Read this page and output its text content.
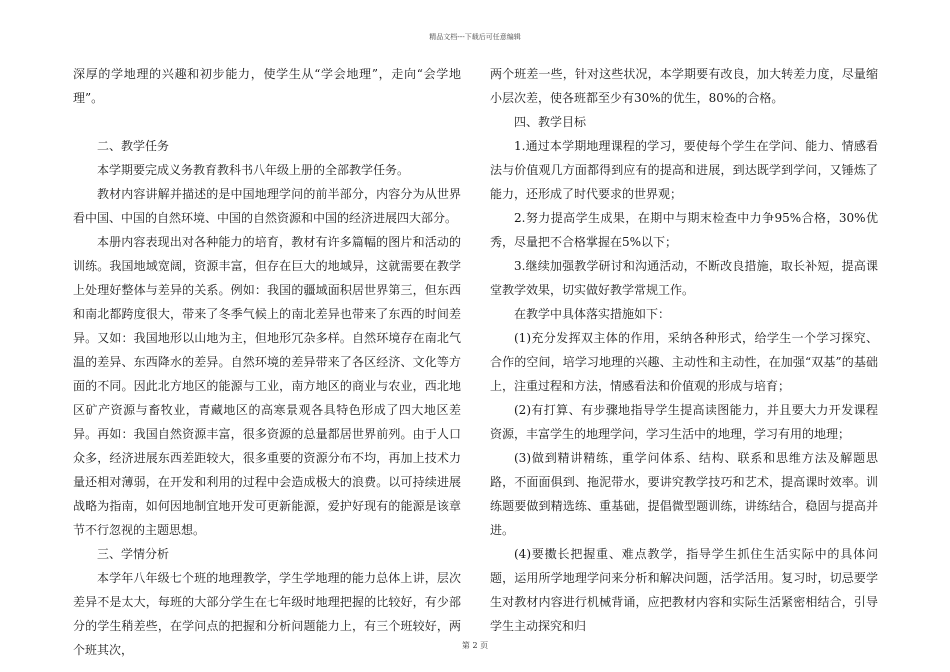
精品文档---下载后可任意编辑

深厚的学地理的兴趣和初步能力，使学生从“学会地理”，走向“会学地理”。

二、教学任务

本学期要完成义务教育教科书八年级上册的全部教学任务。

教材内容讲解并描述的是中国地理学问的前半部分，内容分为从世界看中国、中国的自然环境、中国的自然资源和中国的经济进展四大部分。

本册内容表现出对各种能力的培育，教材有许多篇幅的图片和活动的训练。我国地域宽阔，资源丰富，但存在巨大的地域异，这就需要在教学上处理好整体与差异的关系。例如：我国的疆域面积居世界第三，但东西和南北都跨度很大，带来了冬季气候上的南北差异也带来了东西的时间差异。又如：我国地形以山地为主，但地形冗杂多样。自然环境存在南北气温的差异、东西降水的差异。自然环境的差异带来了各区经济、文化等方面的不同。因此北方地区的能源与工业，南方地区的商业与农业，西北地区矿产资源与畜牧业，青藏地区的高寒景观各具特色形成了四大地区差异。再如：我国自然资源丰富，很多资源的总量都居世界前列。由于人口众多，经济进展东西差距较大，很多重要的资源分布不均，再加上技术力量还相对薄弱，在开发和利用的过程中会造成极大的浪费。以可持续进展战略为指南，如何因地制宜地开发可更新能源，爱护好现有的能源是该章节不行忽视的主题思想。

三、学情分析

本学年八年级七个班的地理教学，学生学地理的能力总体上讲，层次差异不是太大，每班的大部分学生在七年级时地理把握的比较好，有少部分的学生稍差些，在学问点的把握和分析问题能力上，有三个班较好，两个班其次，

两个班差一些，针对这些状况，本学期要有改良，加大转差力度，尽量缩小层次差，使各班都至少有30%的优生，80%的合格。

四、教学目标

1.通过本学期地理课程的学习，要使每个学生在学问、能力、情感看法与价值观几方面都得到应有的提高和进展，到达既学到学问，又锤炼了能力，还形成了时代要求的世界观；

2.努力提高学生成果，在期中与期末检查中力争95%合格，30%优秀，尽量把不合格掌握在5%以下；

3.继续加强教学研讨和沟通活动，不断改良措施，取长补短，提高课堂教学效果，切实做好教学常规工作。

在教学中具体落实措施如下：

(1)充分发挥双主体的作用，采纳各种形式，给学生一个学习探究、合作的空间，培学习地理的兴趣、主动性和主动性，在加强“双基”的基础上，注重过程和方法，情感看法和价值观的形成与培育；

(2)有打算、有步骤地指导学生提高读图能力，并且要大力开发课程资源，丰富学生的地理学问，学习生活中的地理，学习有用的地理；

(3)做到精讲精练，重学问体系、结构、联系和思维方法及解题思路，不面面俱到、拖泥带水，要讲究教学技巧和艺术，提高课时效率。训练题要做到精选练、重基础，提倡微型题训练，讲练结合，稳固与提高并进。

(4)要擞长把握重、难点教学，指导学生抓住生活实际中的具体问题，运用所学地理学问来分析和解决问题，活学活用。复习时，切忌要学生对教材内容进行机械背诵，应把教材内容和实际生活紧密相结合，引导学生主动探究和归

第 2 页
